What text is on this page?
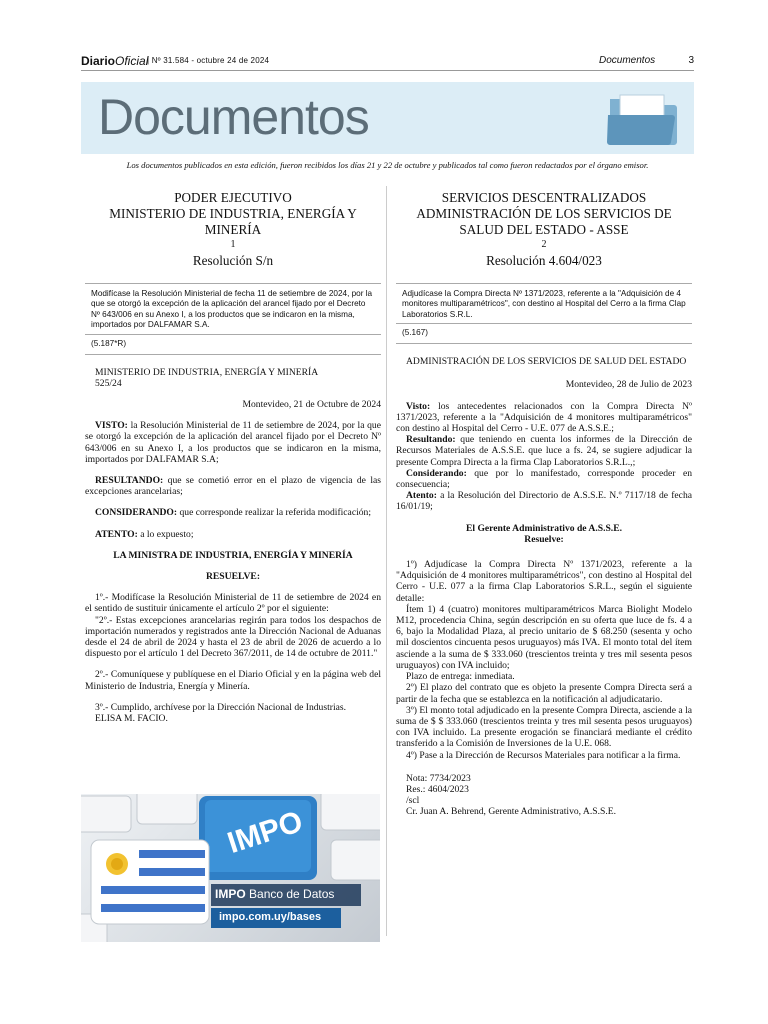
DiarioOficial
| Nº 31.584 - octubre 24 de 2024	Documentos	3
Documentos
Los documentos publicados en esta edición, fueron recibidos los días 21 y 22 de octubre y publicados tal como fueron redactados por el órgano emisor.

PODER EJECUTIVO

MINISTERIO DE INDUSTRIA, ENERGÍA Y MINERÍA

1

Resolución S/n

Modifícase la Resolución Ministerial de fecha 11 de setiembre de 2024, por la que se otorgó la excepción de la aplicación del arancel fijado por el Decreto Nº 643/006 en su Anexo I, a los productos que se indicaron en la misma, importados por DALFAMAR S.A.

(5.187*R)

MINISTERIO DE INDUSTRIA, ENERGÍA Y MINERÍA

525/24

Montevideo, 21 de Octubre de 2024

VISTO: la Resolución Ministerial de 11 de setiembre de 2024, por la que se otorgó la excepción de la aplicación del arancel fijado por el Decreto Nº 643/006 en su Anexo I, a los productos que se indicaron en la misma, importados por DALFAMAR S.A;

RESULTANDO: que se cometió error en el plazo de vigencia de las excepciones arancelarias;

CONSIDERANDO: que corresponde realizar la referida modificación;

ATENTO: a lo expuesto;

LA MINISTRA DE INDUSTRIA, ENERGÍA Y MINERÍA

RESUELVE:

1º.- Modifícase la Resolución Ministerial de 11 de setiembre de 2024 en el sentido de sustituir únicamente el artículo 2º por el siguiente:

"2º.- Estas excepciones arancelarias regirán para todos los despachos de importación numerados y registrados ante la Dirección Nacional de Aduanas desde el 24 de abril de 2024 y hasta el 23 de abril de 2026 de acuerdo a lo dispuesto por el artículo 1 del Decreto 367/2011, de 14 de octubre de 2011."

2º.- Comuníquese y publíquese en el Diario Oficial y en la página web del Ministerio de Industria, Energía y Minería.

3º.- Cumplido, archívese por la Dirección Nacional de Industrias.

ELISA M. FACIO.

IMPO
IMPO Banco de Datos
impo.com.uy/bases

SERVICIOS DESCENTRALIZADOS

ADMINISTRACIÓN DE LOS SERVICIOS DE SALUD DEL ESTADO - ASSE

2

Resolución 4.604/023

Adjudícase la Compra Directa Nº 1371/2023, referente a la "Adquisición de 4 monitores multiparamétricos", con destino al Hospital del Cerro a la firma Clap Laboratorios S.R.L.

(5.167)

ADMINISTRACIÓN DE LOS SERVICIOS DE SALUD DEL ESTADO

Montevideo, 28 de Julio de 2023

Visto: los antecedentes relacionados con la Compra Directa Nº 1371/2023, referente a la "Adquisición de 4 monitores multiparamétricos" con destino al Hospital del Cerro - U.E. 077 de A.S.S.E.;

Resultando: que teniendo en cuenta los informes de la Dirección de Recursos Materiales de A.S.S.E. que luce a fs. 24, se sugiere adjudicar la presente Compra Directa a la firma Clap Laboratorios S.R.L.,;

Considerando: que por lo manifestado, corresponde proceder en consecuencia;

Atento: a la Resolución del Directorio de A.S.S.E. N.º 7117/18 de fecha 16/01/19;

El Gerente Administrativo de A.S.S.E.

Resuelve:

1º) Adjudícase la Compra Directa Nº 1371/2023, referente a la "Adquisición de 4 monitores multiparamétricos", con destino al Hospital del Cerro - U.E. 077 a la firma Clap Laboratorios S.R.L., según el siguiente detalle:

Ítem 1) 4 (cuatro) monitores multiparamétricos Marca Biolight Modelo M12, procedencia China, según descripción en su oferta que luce de fs. 4 a 6, bajo la Modalidad Plaza, al precio unitario de $ 68.250 (sesenta y ocho mil doscientos cincuenta pesos uruguayos) más IVA. El monto total del ítem asciende a la suma de $ 333.060 (trescientos treinta y tres mil sesenta pesos uruguayos) con IVA incluido;

Plazo de entrega: inmediata.

2º) El plazo del contrato que es objeto la presente Compra Directa será a partir de la fecha que se establezca en la notificación al adjudicatario.

3º) El monto total adjudicado en la presente Compra Directa, asciende a la suma de $ $ 333.060 (trescientos treinta y tres mil sesenta pesos uruguayos) con IVA incluido. La presente erogación se financiará mediante el crédito transferido a la Comisión de Inversiones de la U.E. 068.

4º) Pase a la Dirección de Recursos Materiales para notificar a la firma.

Nota: 7734/2023

Res.: 4604/2023

/scl

Cr. Juan A. Behrend, Gerente Administrativo, A.S.S.E.
